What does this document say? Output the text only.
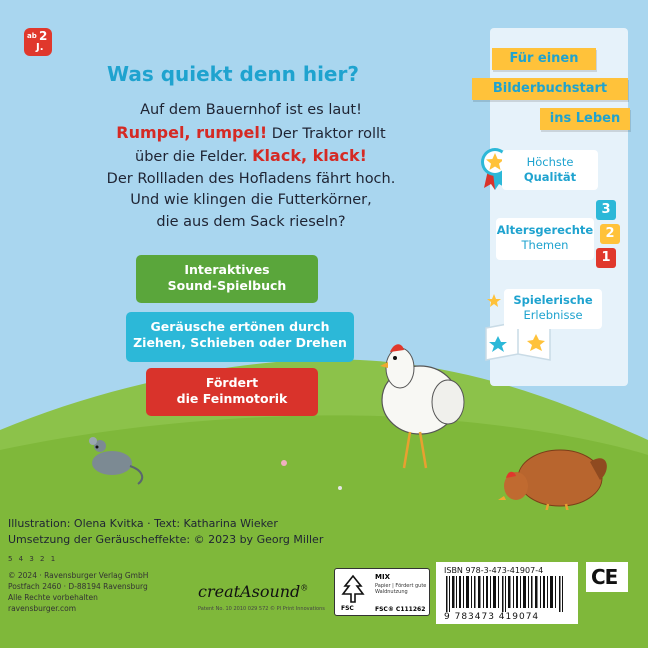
ab 2
J.
Was quiekt denn hier?
Auf dem Bauernhof ist es laut!
Rumpel, rumpel! Der Traktor rollt
über die Felder. Klack, klack!
Der Rollladen des Hofladens fährt hoch.
Und wie klingen die Futterkörner,
die aus dem Sack rieseln?
Interaktives
Sound-Spielbuch
Geräusche ertönen durch
Ziehen, Schieben oder Drehen
Fördert
die Feinmotorik
Für einen
Bilderbuchstart
ins Leben
Höchste
Qualität
3
2
1
Altersgerechte
Themen
Spielerische
Erlebnisse
Illustration: Olena Kvitka · Text: Katharina Wieker
Umsetzung der Geräuscheffekte: © 2023 by Georg Miller
5 4 3 2 1
© 2024 · Ravensburger Verlag GmbH
Postfach 2460 · D-88194 Ravensburg
Alle Rechte vorbehalten
ravensburger.com
creatAsound®
Patent No. 10 2010 029 572 © PI Print Innovations	FSC
MIX
Papier | Fördert gute Waldnutzung
FSC® C111262
ISBN 978-3-473-41907-4
9 783473 419074
CE
